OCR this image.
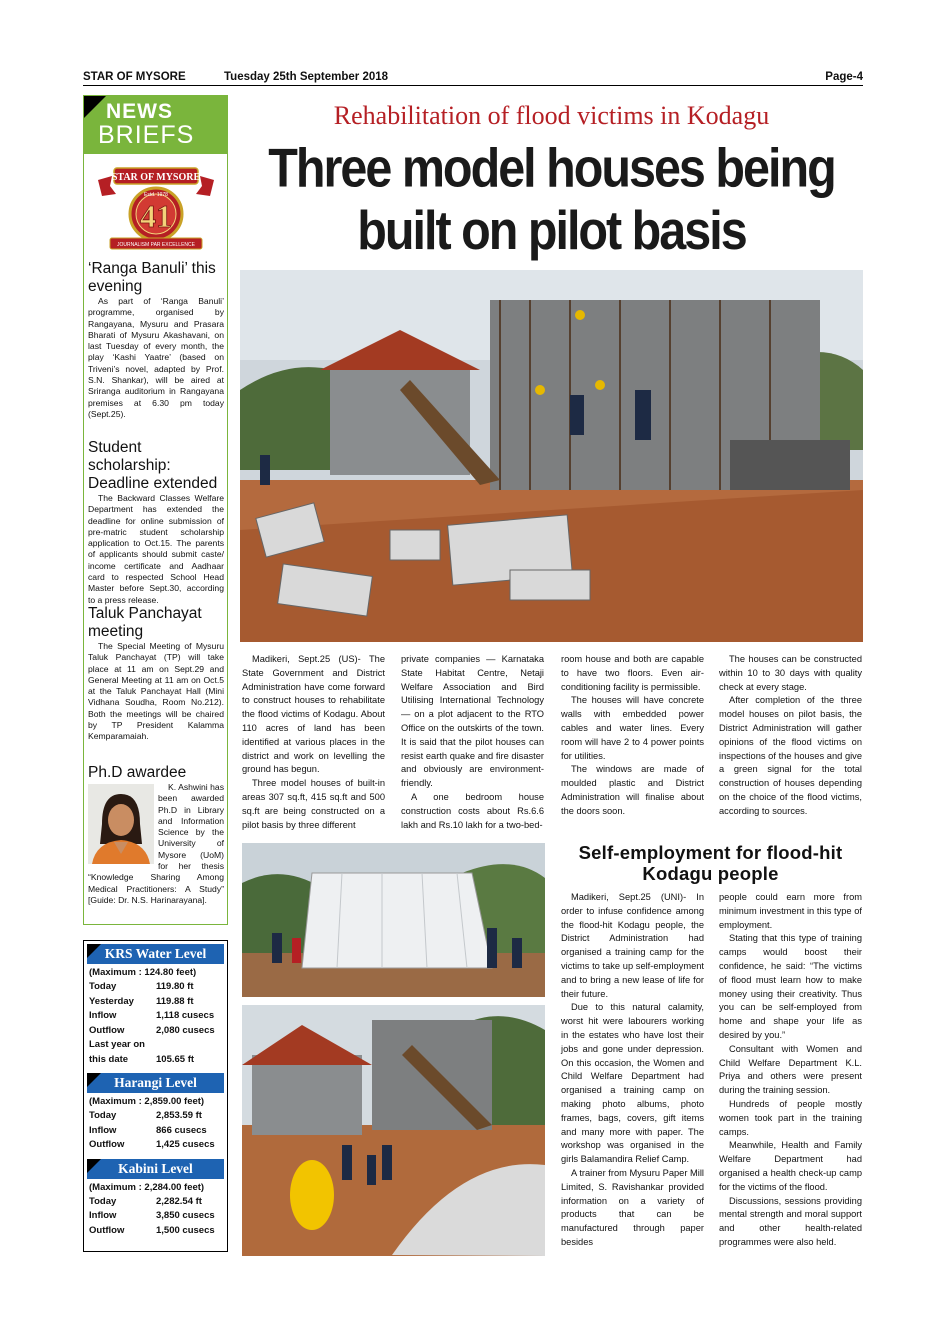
STAR OF MYSORE	Tuesday 25th September 2018	Page-4
NEWS
BRIEFS
STAR OF MYSORE
Estd. 1978
41
JOURNALISM PAR EXCELLENCE
‘Ranga Banuli’ this evening

As part of ‘Ranga Banuli’ programme, organised by Rangayana, Mysuru and Prasara Bharati of Mysuru Akashavani, on last Tuesday of every month, the play ‘Kashi Yaatre’ (based on Triveni’s novel, adapted by Prof. S.N. Shankar), will be aired at Sriranga auditorium in Rangayana premises at 6.30 pm today (Sept.25).

Student scholarship: Deadline extended

The Backward Classes Welfare Department has extended the deadline for online submission of pre-matric student scholarship application to Oct.15. The parents of applicants should submit caste/ income certificate and Aadhaar card to respected School Head Master before Sept.30, according to a press release.

Taluk Panchayat meeting

The Special Meeting of Mysuru Taluk Panchayat (TP) will take place at 11 am on Sept.29 and General Meeting at 11 am on Oct.5 at the Taluk Panchayat Hall (Mini Vidhana Soudha, Room No.212). Both the meetings will be chaired by TP President Kalamma Kemparamaiah.

Ph.D awardee

K. Ashwini has been awarded Ph.D in Library and Information Science by the University of Mysore (UoM) for her thesis “Knowledge Sharing Among Medical Practitioners: A Study” [Guide: Dr. N.S. Harinarayana].

KRS Water Level
(Maximum : 124.80 feet)
Today	119.80 ft
Yesterday 119.88 ft
Inflow	1,118 cusecs
Outflow	2,080 cusecs
Last year on
this date	105.65 ft
Harangi Level
(Maximum : 2,859.00 feet)
Today	2,853.59 ft
Inflow	866 cusecs
Outflow	1,425 cusecs
Kabini Level
(Maximum : 2,284.00 feet)
Today	2,282.54 ft
Inflow	3,850 cusecs
Outflow	1,500 cusecs
Rehabilitation of flood victims in Kodagu
Three model houses being
built on pilot basis

Madikeri, Sept.25 (US)- The State Government and District Administration have come forward to construct houses to rehabilitate the flood victims of Kodagu. About 110 acres of land has been identified at various places in the district and work on levelling the ground has begun.

Three model houses of built-in areas 307 sq.ft, 415 sq.ft and 500 sq.ft are being constructed on a pilot basis by three different

private companies — Karnataka State Habitat Centre, Netaji Welfare Association and Bird Utilising International Technology — on a plot adjacent to the RTO Office on the outskirts of the town. It is said that the pilot houses can resist earth quake and fire disaster and obviously are environment-friendly.

A one bedroom house construction costs about Rs.6.6 lakh and Rs.10 lakh for a two-bed-

room house and both are capable to have two floors. Even air-conditioning facility is permissible.

The houses will have concrete walls with embedded power cables and water lines. Every room will have 2 to 4 power points for utilities.

The windows are made of moulded plastic and District Administration will finalise about the doors soon.

The houses can be constructed within 10 to 30 days with quality check at every stage.

After completion of the three model houses on pilot basis, the District Administration will gather opinions of the flood victims on inspections of the houses and give a green signal for the total construction of houses depending on the choice of the flood victims, according to sources.

Self-employment for flood-hit Kodagu people

Madikeri, Sept.25 (UNI)- In order to infuse confidence among the flood-hit Kodagu people, the District Administration had organised a training camp for the victims to take up self-employment and to bring a new lease of life for their future.

Due to this natural calamity, worst hit were labourers working in the estates who have lost their jobs and gone under depression. On this occasion, the Women and Child Welfare Department had organised a training camp on making photo albums, photo frames, bags, covers, gift items and many more with paper. The workshop was organised in the girls Balamandira Relief Camp.

A trainer from Mysuru Paper Mill Limited, S. Ravishankar provided information on a variety of products that can be manufactured through paper besides

people could earn more from minimum investment in this type of employment.

Stating that this type of training camps would boost their confidence, he said: “The victims of flood must learn how to make money using their creativity. Thus you can be self-employed from home and shape your life as desired by you.”

Consultant with Women and Child Welfare Department K.L. Priya and others were present during the training session.

Hundreds of people mostly women took part in the training camps.

Meanwhile, Health and Family Welfare Department had organised a health check-up camp for the victims of the flood.

Discussions, sessions providing mental strength and moral support and other health-related programmes were also held.
